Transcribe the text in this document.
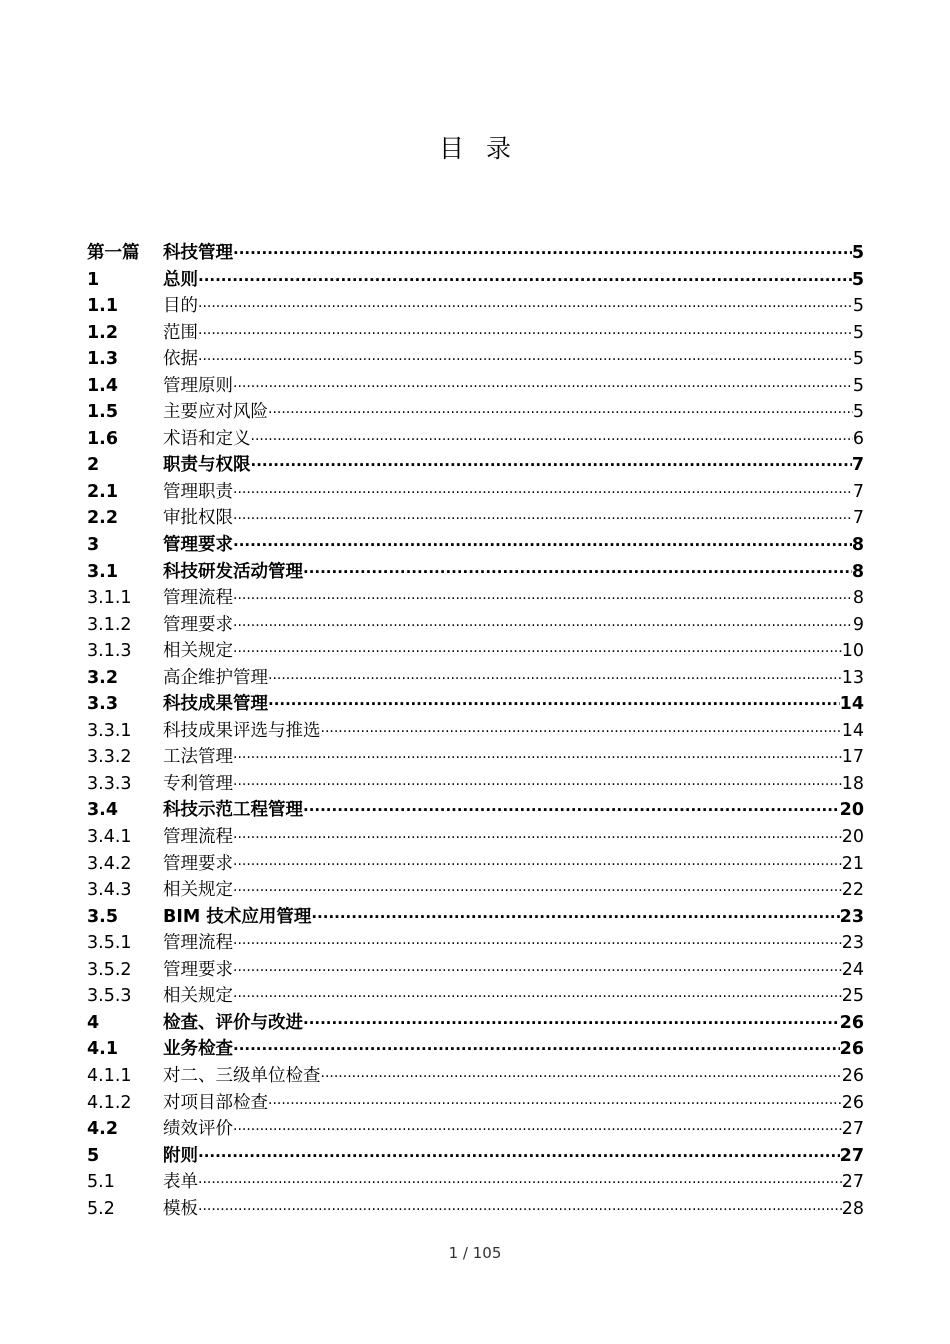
目录
第一篇	科技管理 ·····	5
1	总则 ·····	5
1.1	目的 ·····	5
1.2	范围 ·····	5
1.3	依据 ·····	5
1.4	管理原则 ·····	5
1.5	主要应对风险 ·····	5
1.6	术语和定义 ·····	6
2	职责与权限 ·····	7
2.1	管理职责 ·····	7
2.2	审批权限 ·····	7
3	管理要求 ·····	8
3.1	科技研发活动管理 ·····	8
3.1.1	管理流程 ·····	8
3.1.2	管理要求 ·····	9
3.1.3	相关规定 ·····	10
3.2	高企维护管理 ·····	13
3.3	科技成果管理 ·····	14
3.3.1	科技成果评选与推选 ·····	14
3.3.2	工法管理 ·····	17
3.3.3	专利管理 ·····	18
3.4	科技示范工程管理 ·····	20
3.4.1	管理流程 ·····	20
3.4.2	管理要求 ·····	21
3.4.3	相关规定 ·····	22
3.5	BIM 技术应用管理 ·····	23
3.5.1	管理流程 ·····	23
3.5.2	管理要求 ·····	24
3.5.3	相关规定 ·····	25
4	检查、评价与改进 ·····	26
4.1	业务检查 ·····	26
4.1.1	对二、三级单位检查 ·····	26
4.1.2	对项目部检查 ·····	26
4.2	绩效评价 ·····	27
5	附则 ·····	27
5.1	表单 ·····	27
5.2	模板 ·····	28
1 / 105
